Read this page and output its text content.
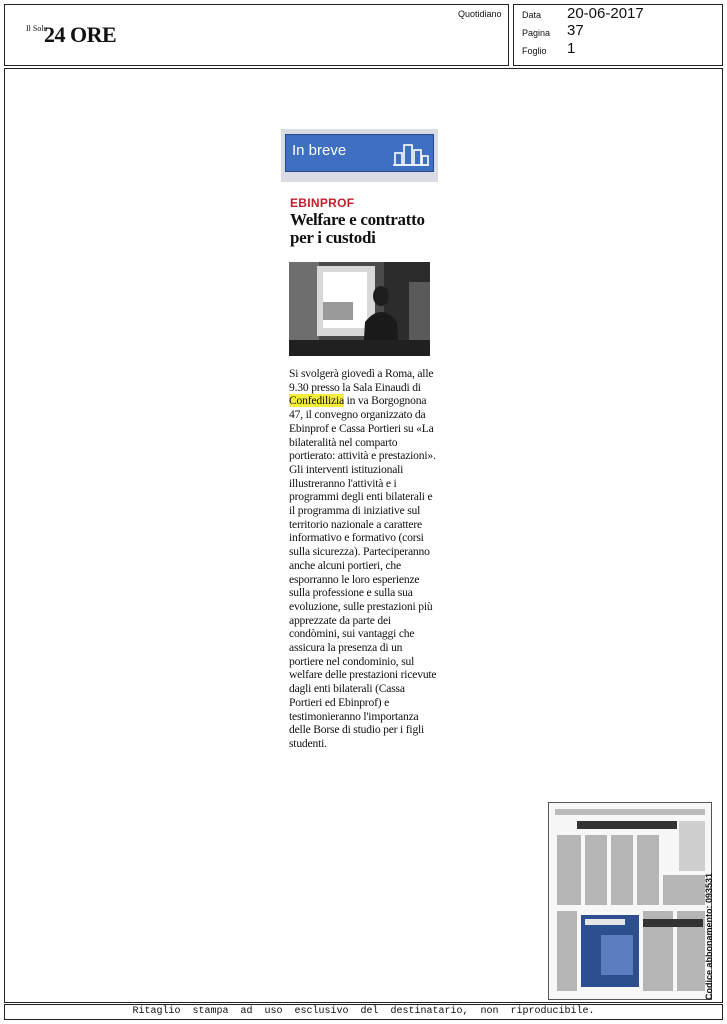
Il Sole
24 ORE
Quotidiano Data 20-06-2017
Pagina 37
Foglio 1
In breve
EBINPROF
Welfare e contratto per i custodi
Si svolgerà giovedì a Roma, alle 9.30 presso la Sala Einaudi di Confedilizia in va Borgognona 47, il convegno organizzato da Ebinprof e Cassa Portieri su «La bilateralità nel comparto portierato: attività e prestazioni». Gli interventi istituzionali illustreranno l'attività e i programmi degli enti bilaterali e il programma di iniziative sul territorio nazionale a carattere informativo e formativo (corsi sulla sicurezza). Parteciperanno anche alcuni portieri, che esporranno le loro esperienze sulla professione e sulla sua evoluzione, sulle prestazioni più apprezzate da parte dei condòmini, sui vantaggi che assicura la presenza di un portiere nel condominio, sul welfare delle prestazioni ricevute dagli enti bilaterali (Cassa Portieri ed Ebinprof) e testimonieranno l'importanza delle Borse di studio per i figli studenti.
Codice abbonamento: 093531
Ritaglio stampa ad uso esclusivo del destinatario, non riproducibile.
